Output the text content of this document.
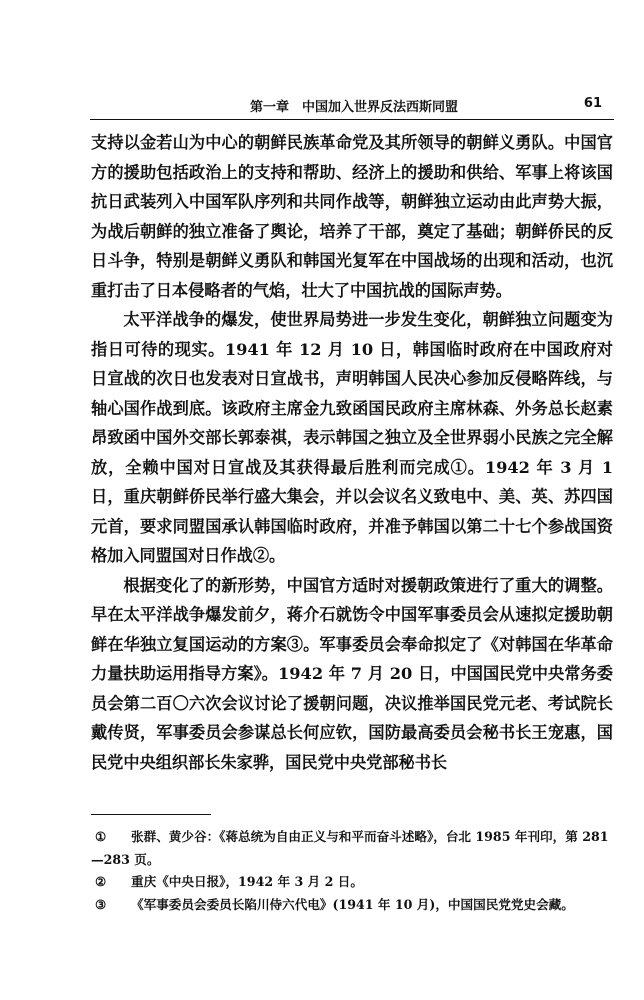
第一章　中国加入世界反法西斯同盟	61

支持以金若山为中心的朝鲜民族革命党及其所领导的朝鲜义勇队。中国官方的援助包括政治上的支持和帮助、经济上的援助和供给、军事上将该国抗日武装列入中国军队序列和共同作战等，朝鲜独立运动由此声势大振，为战后朝鲜的独立准备了舆论，培养了干部，奠定了基础；朝鲜侨民的反日斗争，特别是朝鲜义勇队和韩国光复军在中国战场的出现和活动，也沉重打击了日本侵略者的气焰，壮大了中国抗战的国际声势。

太平洋战争的爆发，使世界局势进一步发生变化，朝鲜独立问题变为指日可待的现实。1941 年 12 月 10 日，韩国临时政府在中国政府对日宣战的次日也发表对日宣战书，声明韩国人民决心参加反侵略阵线，与轴心国作战到底。该政府主席金九致函国民政府主席林森、外务总长赵素昂致函中国外交部长郭泰祺，表示韩国之独立及全世界弱小民族之完全解放，全赖中国对日宣战及其获得最后胜利而完成①。1942 年 3 月 1 日，重庆朝鲜侨民举行盛大集会，并以会议名义致电中、美、英、苏四国元首，要求同盟国承认韩国临时政府，并准予韩国以第二十七个参战国资格加入同盟国对日作战②。

根据变化了的新形势，中国官方适时对援朝政策进行了重大的调整。早在太平洋战争爆发前夕，蒋介石就饬令中国军事委员会从速拟定援助朝鲜在华独立复国运动的方案③。军事委员会奉命拟定了《对韩国在华革命力量扶助运用指导方案》。1942 年 7 月 20 日，中国国民党中央常务委员会第二百〇六次会议讨论了援朝问题，决议推举国民党元老、考试院长戴传贤，军事委员会参谋总长何应钦，国防最高委员会秘书长王宠惠，国民党中央组织部长朱家骅，国民党中央党部秘书长

① 张群、黄少谷：《蒋总统为自由正义与和平而奋斗述略》，台北 1985 年刊印，第 281—283 页。

② 重庆《中央日报》，1942 年 3 月 2 日。

③ 《军事委员会委员长陷川侍六代电》(1941 年 10 月)，中国国民党党史会藏。
